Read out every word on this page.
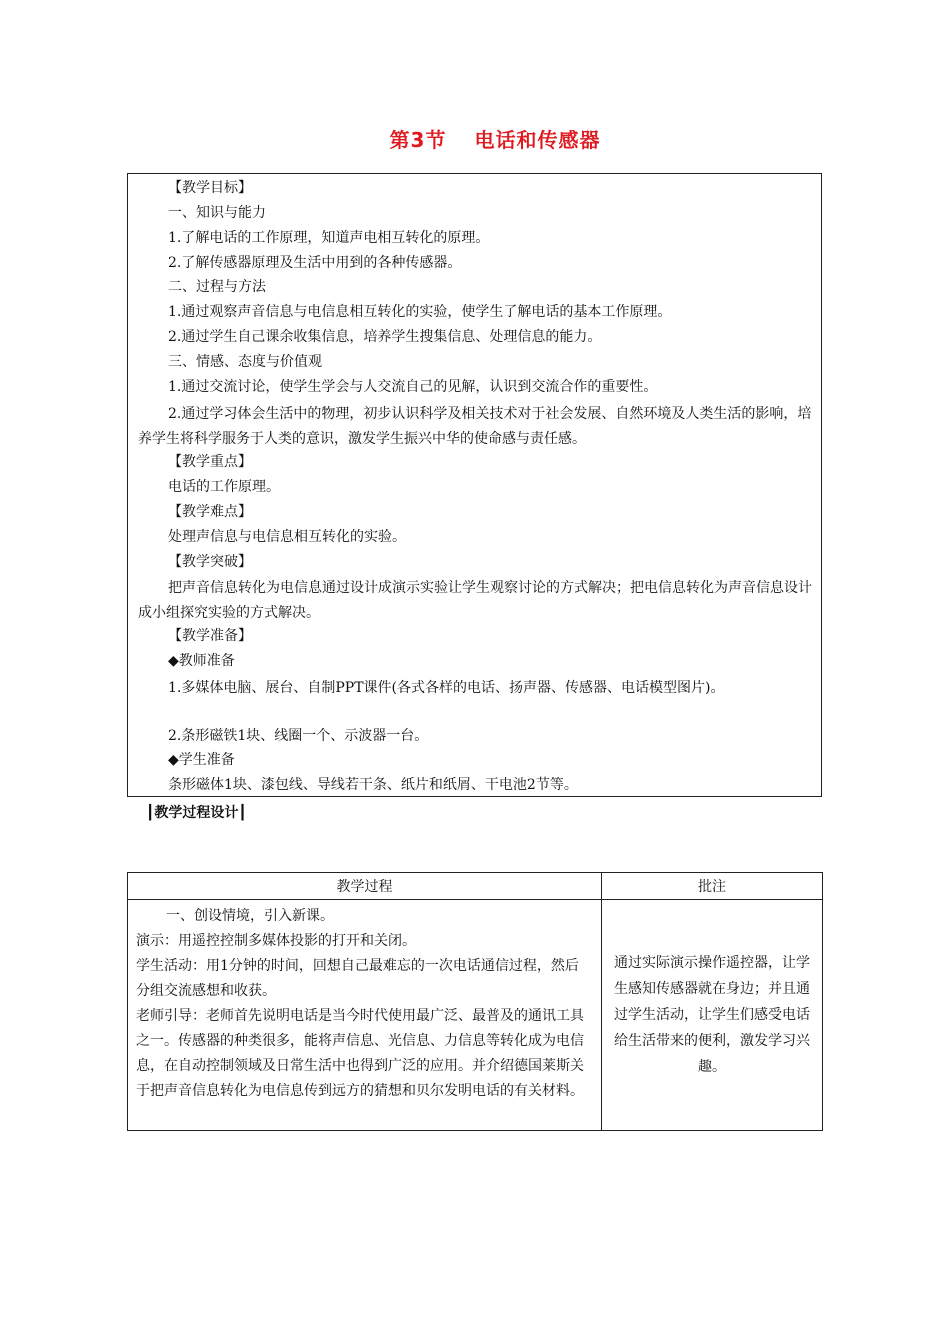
第3节 电话和传感器
【教学目标】
一、知识与能力
1.了解电话的工作原理，知道声电相互转化的原理。
2.了解传感器原理及生活中用到的各种传感器。
二、过程与方法
1.通过观察声音信息与电信息相互转化的实验，使学生了解电话的基本工作原理。
2.通过学生自己课余收集信息，培养学生搜集信息、处理信息的能力。
三、情感、态度与价值观
1.通过交流讨论，使学生学会与人交流自己的见解，认识到交流合作的重要性。
2.通过学习体会生活中的物理，初步认识科学及相关技术对于社会发展、自然环境及人类生活的影响，培养学生将科学服务于人类的意识，激发学生振兴中华的使命感与责任感。
【教学重点】
电话的工作原理。
【教学难点】
处理声信息与电信息相互转化的实验。
【教学突破】
把声音信息转化为电信息通过设计成演示实验让学生观察讨论的方式解决；把电信息转化为声音信息设计成小组探究实验的方式解决。
【教学准备】
◆教师准备
1.多媒体电脑、展台、自制PPT课件(各式各样的电话、扬声器、传感器、电话模型图片)。
2.条形磁铁1块、线圈一个、示波器一台。
◆学生准备
条形磁体1块、漆包线、导线若干条、纸片和纸屑、干电池2节等。
┃教学过程设计┃
教学过程	批注

一、创设情境，引入新课。
演示：用遥控控制多媒体投影的打开和关闭。
学生活动：用1分钟的时间，回想自己最难忘的一次电话通信过程，然后分组交流感想和收获。
老师引导：老师首先说明电话是当今时代使用最广泛、最普及的通讯工具之一。传感器的种类很多，能将声信息、光信息、力信息等转化成为电信息，在自动控制领域及日常生活中也得到广泛的应用。并介绍德国莱斯关于把声音信息转化为电信息传到远方的猜想和贝尔发明电话的有关材料。	通过实际演示操作遥控器，让学生感知传感器就在身边；并且通过学生活动，让学生们感受电话给生活带来的便利，激发学习兴趣。
